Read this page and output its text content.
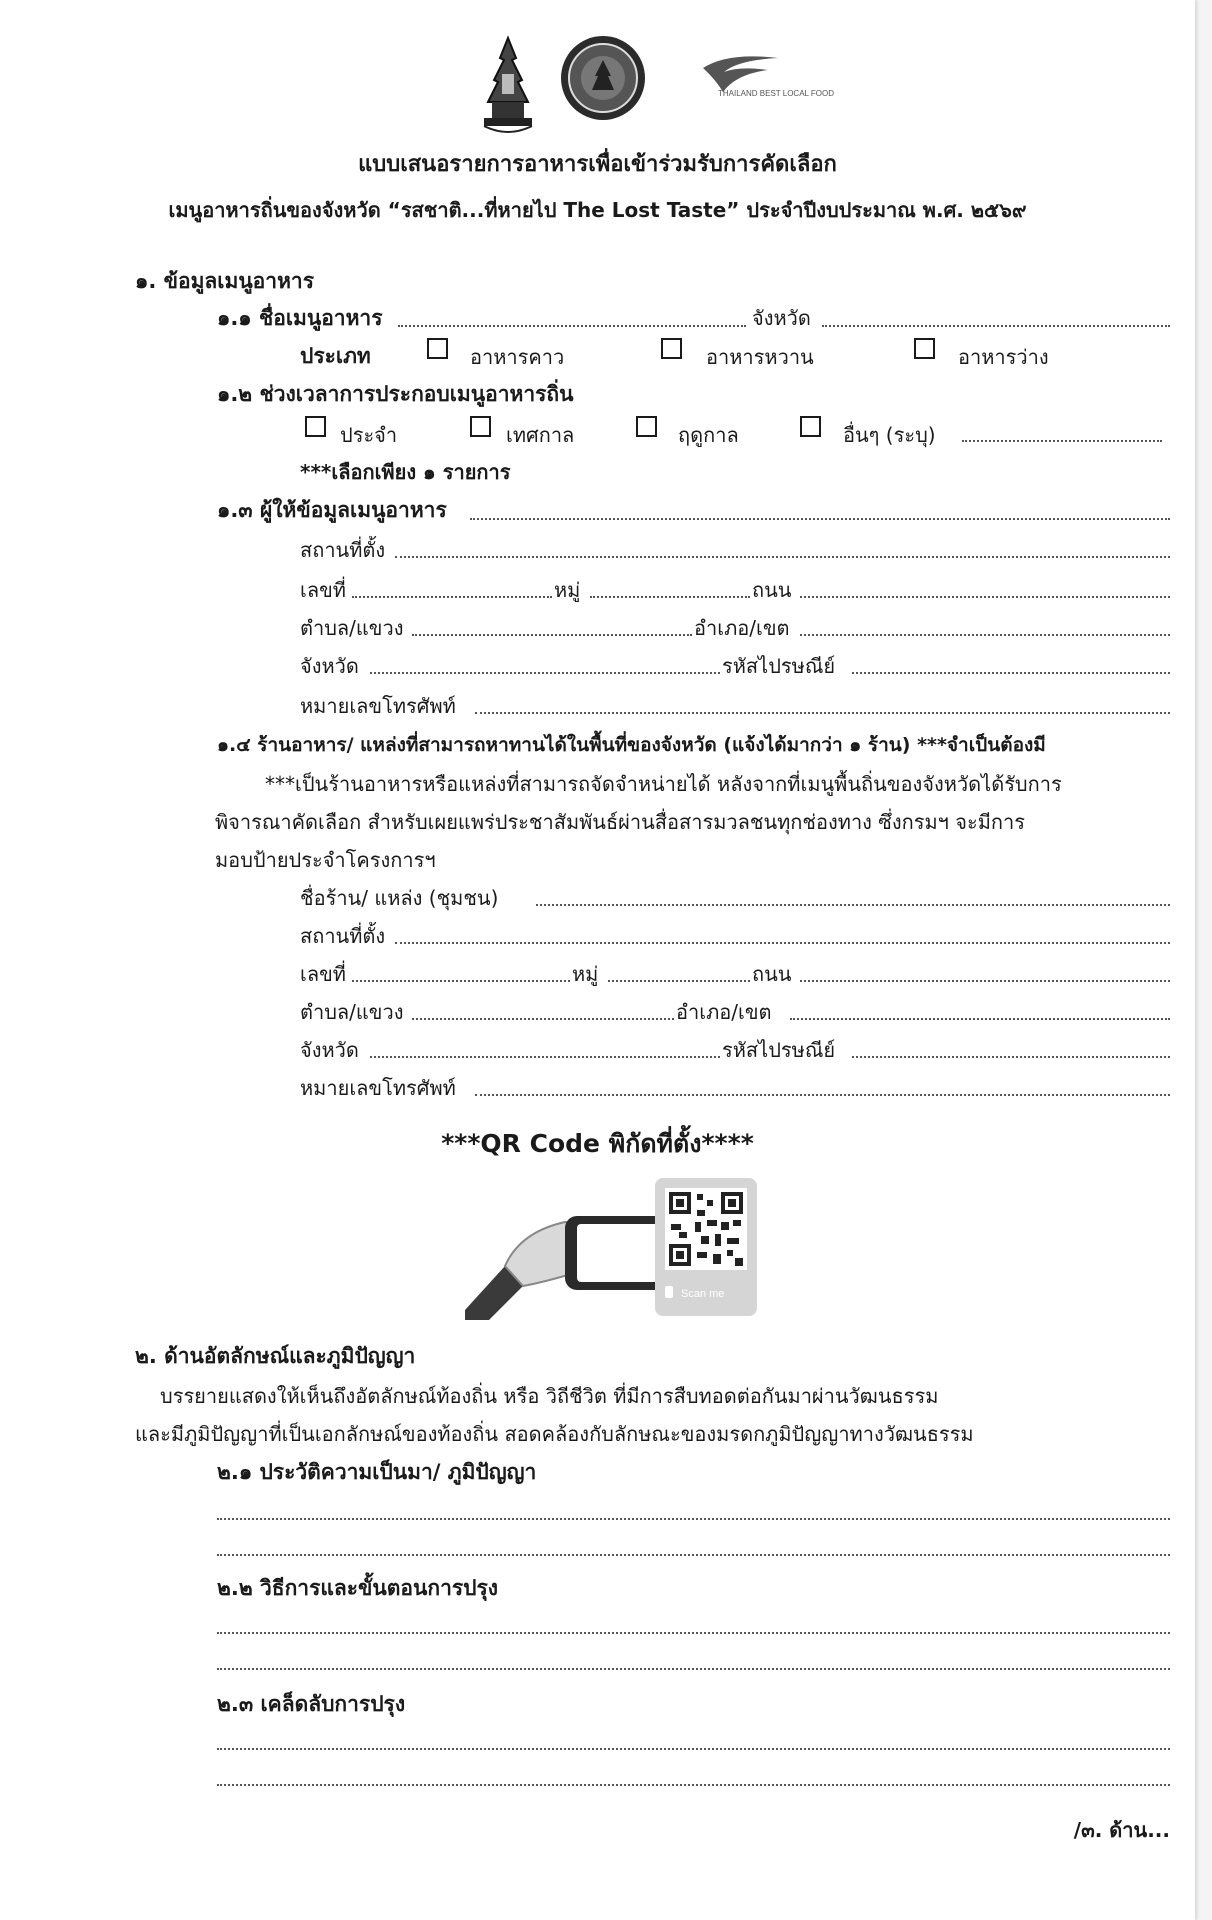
THAILAND BEST LOCAL FOOD
แบบเสนอรายการอาหารเพื่อเข้าร่วมรับการคัดเลือก
เมนูอาหารถิ่นของจังหวัด “รสชาติ...ที่หายไป The Lost Taste” ประจำปีงบประมาณ พ.ศ. ๒๕๖๙
๑. ข้อมูลเมนูอาหาร
๑.๑ ชื่อเมนูอาหาร	จังหวัด
ประเภท	อาหารคาว	อาหารหวาน	อาหารว่าง
๑.๒ ช่วงเวลาการประกอบเมนูอาหารถิ่น
ประจำ	เทศกาล	ฤดูกาล	อื่นๆ (ระบุ)
***เลือกเพียง ๑ รายการ
๑.๓ ผู้ให้ข้อมูลเมนูอาหาร
สถานที่ตั้ง
เลขที่	หมู่	ถนน
ตำบล/แขวง	อำเภอ/เขต
จังหวัด	รหัสไปรษณีย์
หมายเลขโทรศัพท์
๑.๔ ร้านอาหาร/ แหล่งที่สามารถหาทานได้ในพื้นที่ของจังหวัด (แจ้งได้มากว่า ๑ ร้าน) ***จำเป็นต้องมี
***เป็นร้านอาหารหรือแหล่งที่สามารถจัดจำหน่ายได้ หลังจากที่เมนูพื้นถิ่นของจังหวัดได้รับการ
พิจารณาคัดเลือก สำหรับเผยแพร่ประชาสัมพันธ์ผ่านสื่อสารมวลชนทุกช่องทาง ซึ่งกรมฯ จะมีการ
มอบป้ายประจำโครงการฯ
ชื่อร้าน/ แหล่ง (ชุมชน)
สถานที่ตั้ง
เลขที่	หมู่	ถนน
ตำบล/แขวง	อำเภอ/เขต
จังหวัด	รหัสไปรษณีย์
หมายเลขโทรศัพท์
***QR Code พิกัดที่ตั้ง****
Scan me
๒. ด้านอัตลักษณ์และภูมิปัญญา
บรรยายแสดงให้เห็นถึงอัตลักษณ์ท้องถิ่น หรือ วิถีชีวิต ที่มีการสืบทอดต่อกันมาผ่านวัฒนธรรม
และมีภูมิปัญญาที่เป็นเอกลักษณ์ของท้องถิ่น สอดคล้องกับลักษณะของมรดกภูมิปัญญาทางวัฒนธรรม
๒.๑ ประวัติความเป็นมา/ ภูมิปัญญา
๒.๒ วิธีการและขั้นตอนการปรุง
๒.๓ เคล็ดลับการปรุง
/๓. ด้าน...
